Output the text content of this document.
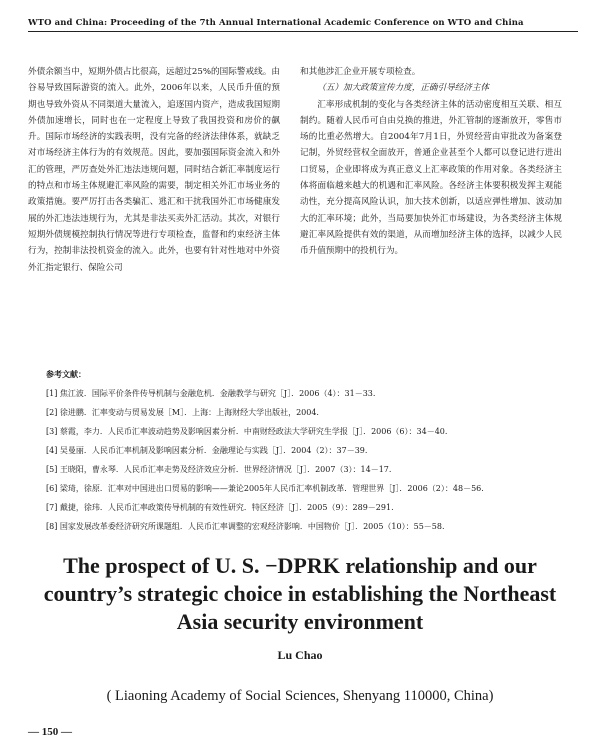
WTO and China: Proceeding of the 7th Annual International Academic Conference on WTO and China

外债余额当中，短期外债占比很高，远超过25%的国际警戒线。由谷易导致国际游资的流入。此外，2006年以来，人民币升值的预期也导致外资从不同渠道大量流入，追逐国内资产，造成我国短期外债加速增长，同时也在一定程度上导致了我国投资和房价的飙升。国际市场经济的实践表明，没有完备的经济法律体系，就缺乏对市场经济主体行为的有效规范。因此，要加强国际资金流入和外汇的管理，严厉查处外汇违法违规问题，同时结合新汇率制度运行的特点和市场主体规避汇率风险的需要，制定相关外汇市场业务的政策措施。要严厉打击各类骗汇、逃汇和干扰我国外汇市场健康发展的外汇违法违规行为，尤其是非法买卖外汇活动。其次，对银行短期外债规模控制执行情况等进行专项检查，监督和约束经济主体行为，控制非法投机资金的流入。此外，也要有针对性地对中外资外汇指定银行、保险公司

和其他涉汇企业开展专项检查。

（五）加大政策宣传力度，正确引导经济主体

汇率形成机制的变化与各类经济主体的活动密度相互关联、相互制约。随着人民币可自由兑换的推进，外汇管制的逐渐放开，零售市场的比重必然增大。自2004年7月1日，外贸经营由审批改为备案登记制，外贸经营权全面放开，普通企业甚至个人都可以登记进行进出口贸易，企业即将成为真正意义上汇率政策的作用对象。各类经济主体将面临越来越大的机遇和汇率风险。各经济主体要积极发挥主观能动性，充分提高风险认识，加大技术创新，以适应弹性增加、波动加大的汇率环境；此外，当局要加快外汇市场建设，为各类经济主体规避汇率风险提供有效的渠道，从而增加经济主体的选择，以减少人民币升值预期中的投机行为。

参考文献：
[1] 焦江波．国际平价条件传导机制与金融危机．金融教学与研究［J］．2006（4）：31－33.
[2] 徐进鹏．汇率变动与贸易发展［M］．上海：上海财经大学出版社，2004.
[3] 蔡霞，李力．人民币汇率波动趋势及影响因素分析．中南财经政法大学研究生学报［J］．2006（6）：34－40.
[4] 吴曼丽．人民币汇率机制及影响因素分析．金融理论与实践［J］．2004（2）：37－39.
[5] 王晓阳，曹永琴．人民币汇率走势及经济效应分析．世界经济情况［J］．2007（3）：14－17.
[6] 梁琦，徐原．汇率对中国进出口贸易的影响——兼论2005年人民币汇率机制改革．管理世界［J］．2006（2）：48－56.
[7] 戴捷，徐玮．人民币汇率政策传导机制的有效性研究．特区经济［J］．2005（9）：289－291.
[8] 国家发展改革委经济研究所课题组．人民币汇率调整的宏观经济影响．中国物价［J］．2005（10）：55－58.
The prospect of U. S. −DPRK relationship and our country’s strategic choice in establishing the Northeast Asia security environment
Lu Chao
( Liaoning Academy of Social Sciences, Shenyang 110000, China)
— 150 —
